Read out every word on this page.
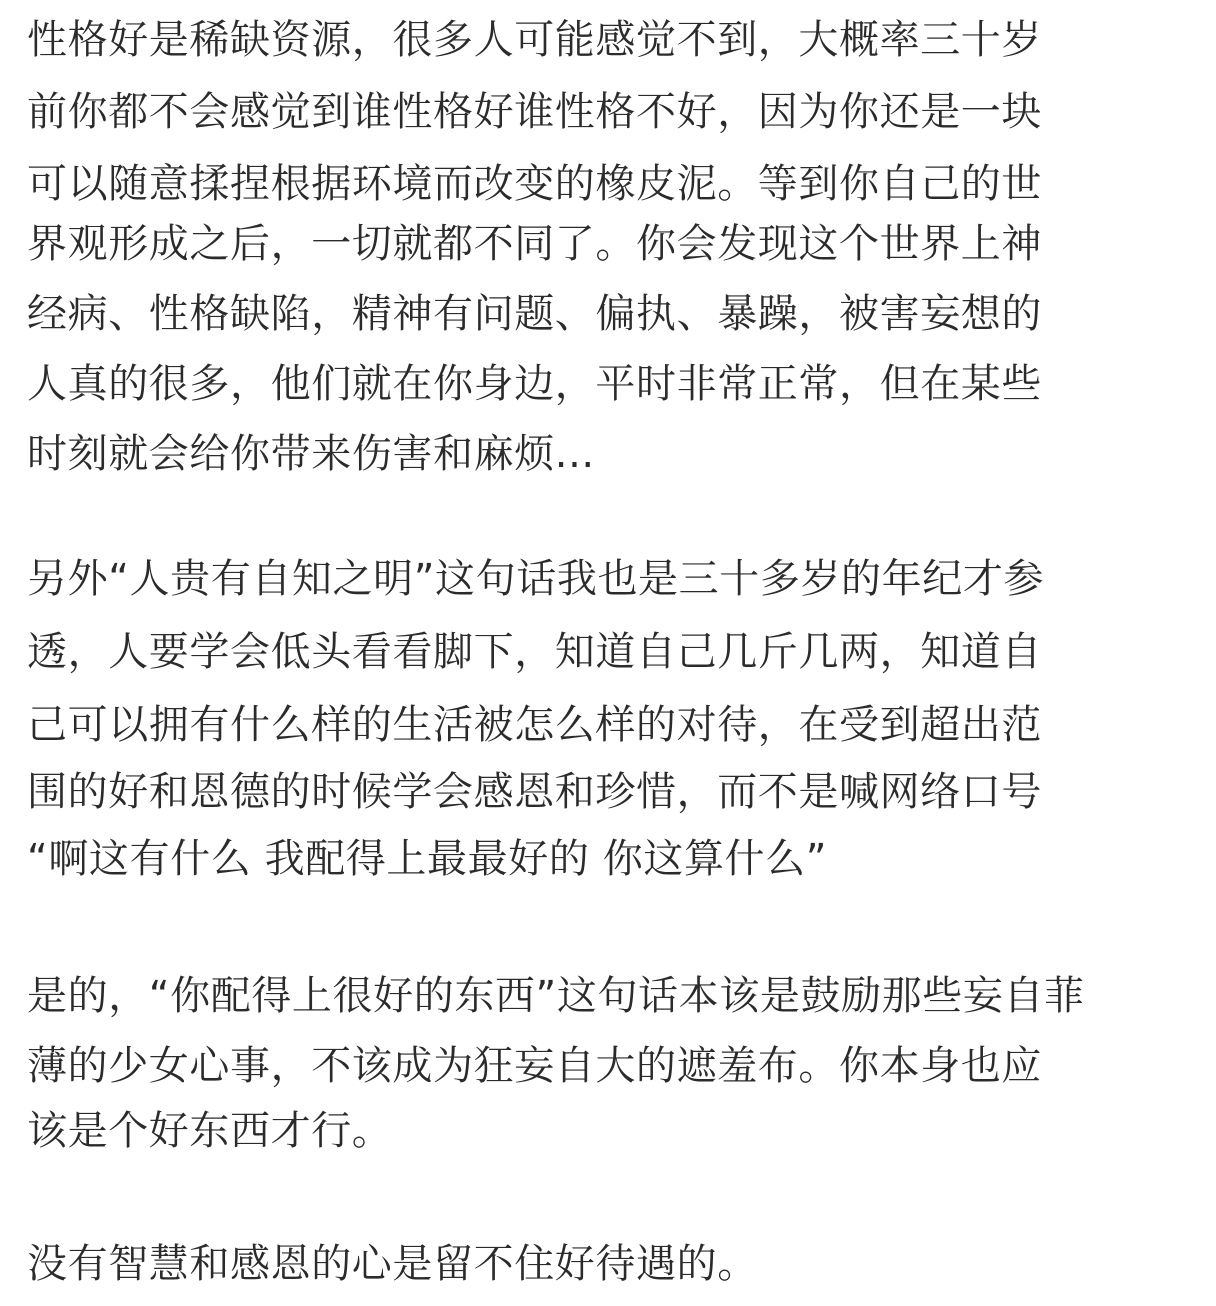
性格好是稀缺资源，很多人可能感觉不到，大概率三十岁
前你都不会感觉到谁性格好谁性格不好，因为你还是一块
可以随意揉捏根据环境而改变的橡皮泥。等到你自己的世
界观形成之后，一切就都不同了。你会发现这个世界上神
经病、性格缺陷，精神有问题、偏执、暴躁，被害妄想的
人真的很多，他们就在你身边，平时非常正常，但在某些
时刻就会给你带来伤害和麻烦...
另外“人贵有自知之明”这句话我也是三十多岁的年纪才参
透，人要学会低头看看脚下，知道自己几斤几两，知道自
己可以拥有什么样的生活被怎么样的对待，在受到超出范
围的好和恩德的时候学会感恩和珍惜，而不是喊网络口号
“啊这有什么 我配得上最最好的 你这算什么”
是的，“你配得上很好的东西”这句话本该是鼓励那些妄自菲
薄的少女心事，不该成为狂妄自大的遮羞布。你本身也应
该是个好东西才行。
没有智慧和感恩的心是留不住好待遇的。
